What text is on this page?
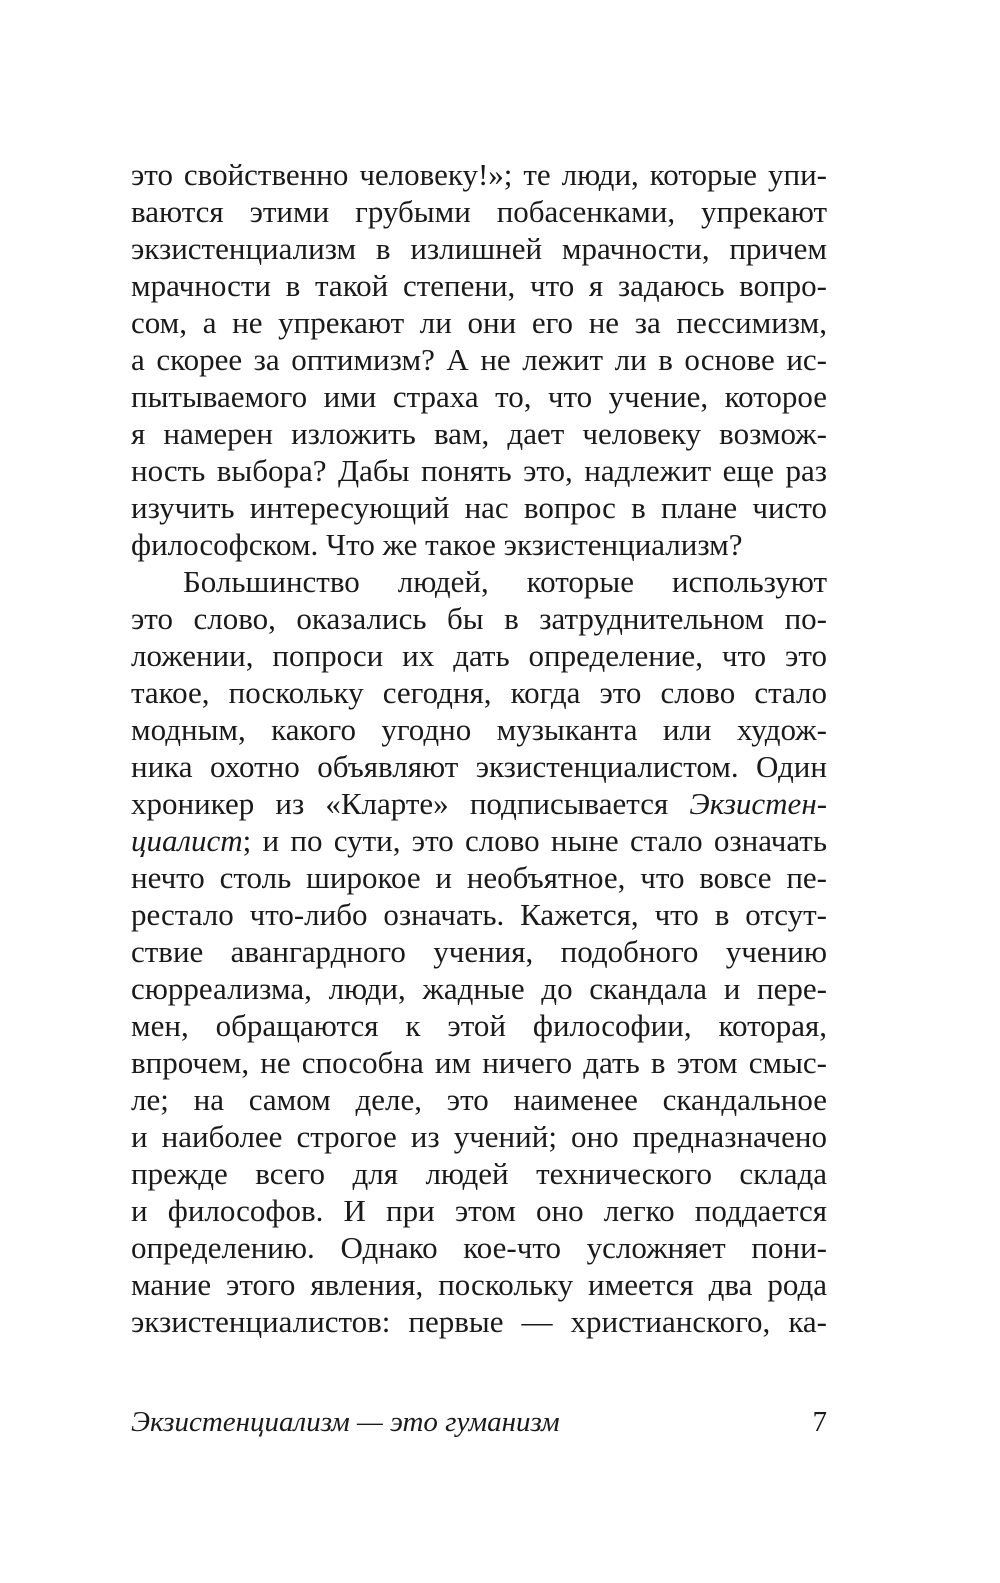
это свойственно человеку!»; те люди, которые упи-
ваются этими грубыми побасенками, упрекают
экзистенциализм в излишней мрачности, причем
мрачности в такой степени, что я задаюсь вопро-
сом, а не упрекают ли они его не за пессимизм,
а скорее за оптимизм? А не лежит ли в основе ис-
пытываемого ими страха то, что учение, которое
я намерен изложить вам, дает человеку возмож-
ность выбора? Дабы понять это, надлежит еще раз
изучить интересующий нас вопрос в плане чисто
философском. Что же такое экзистенциализм?
Большинство людей, которые используют
это слово, оказались бы в затруднительном по-
ложении, попроси их дать определение, что это
такое, поскольку сегодня, когда это слово стало
модным, какого угодно музыканта или худож-
ника охотно объявляют экзистенциалистом. Один
хроникер из «Кларте» подписывается Экзистен-
циалист; и по сути, это слово ныне стало означать
нечто столь широкое и необъятное, что вовсе пе-
рестало что-либо означать. Кажется, что в отсут-
ствие авангардного учения, подобного учению
сюрреализма, люди, жадные до скандала и пере-
мен, обращаются к этой философии, которая,
впрочем, не способна им ничего дать в этом смыс-
ле; на самом деле, это наименее скандальное
и наиболее строгое из учений; оно предназначено
прежде всего для людей технического склада
и философов. И при этом оно легко поддается
определению. Однако кое-что усложняет пони-
мание этого явления, поскольку имеется два рода
экзистенциалистов: первые — христианского, ка-
Экзистенциализм — это гуманизм	7
